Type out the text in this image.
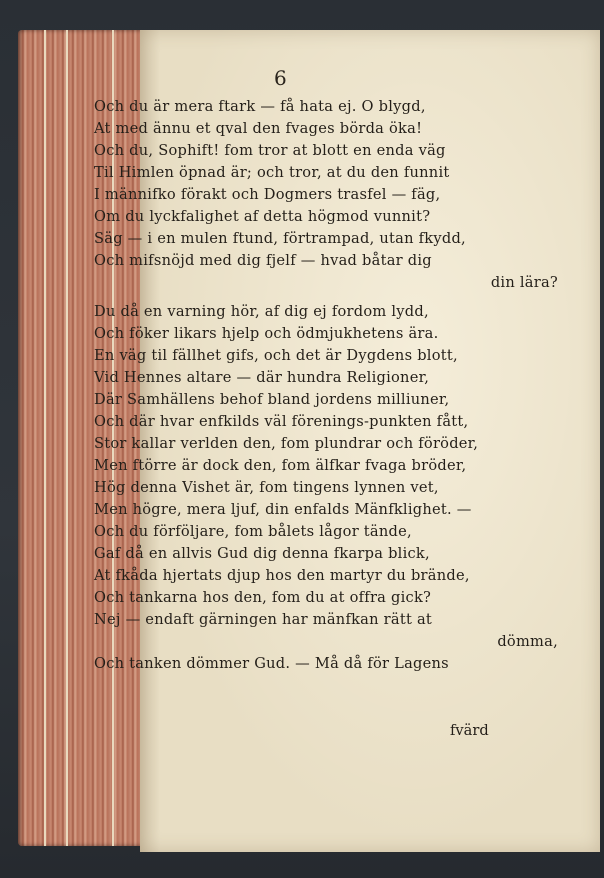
6
Och du är mera ftark — få hata ej. O blygd,
At med ännu et qval den fvages börda öka!
Och du, Sophift! fom tror at blott en enda väg
Til Himlen öpnad är; och tror, at du den funnit
I männifko förakt och Dogmers trasfel — fäg,
Om du lyckfalighet af detta högmod vunnit?
Säg — i en mulen ftund, förtrampad, utan fkydd,
Och mifsnöjd med dig fjelf — hvad båtar dig
din lära?
Du då en varning hör, af dig ej fordom lydd,
Och föker likars hjelp och ödmjukhetens ära.
En väg til fällhet gifs, och det är Dygdens blott,
Vid Hennes altare — där hundra Religioner,
Där Samhällens behof bland jordens milliuner,
Och där hvar enfkilds väl förenings-punkten fått,
Stor kallar verlden den, fom plundrar och föröder,
Men ftörre är dock den, fom älfkar fvaga bröder,
Hög denna Vishet är, fom tingens lynnen vet,
Men högre, mera ljuf, din enfalds Mänfklighet. —
Och du förföljare, fom bålets lågor tände,
Gaf då en allvis Gud dig denna fkarpa blick,
At fkåda hjertats djup hos den martyr du brände,
Och tankarna hos den, fom du at offra gick?
Nej — endaft gärningen har mänfkan rätt at
dömma,
Och tanken dömmer Gud. — Må då för Lagens
fvärd
